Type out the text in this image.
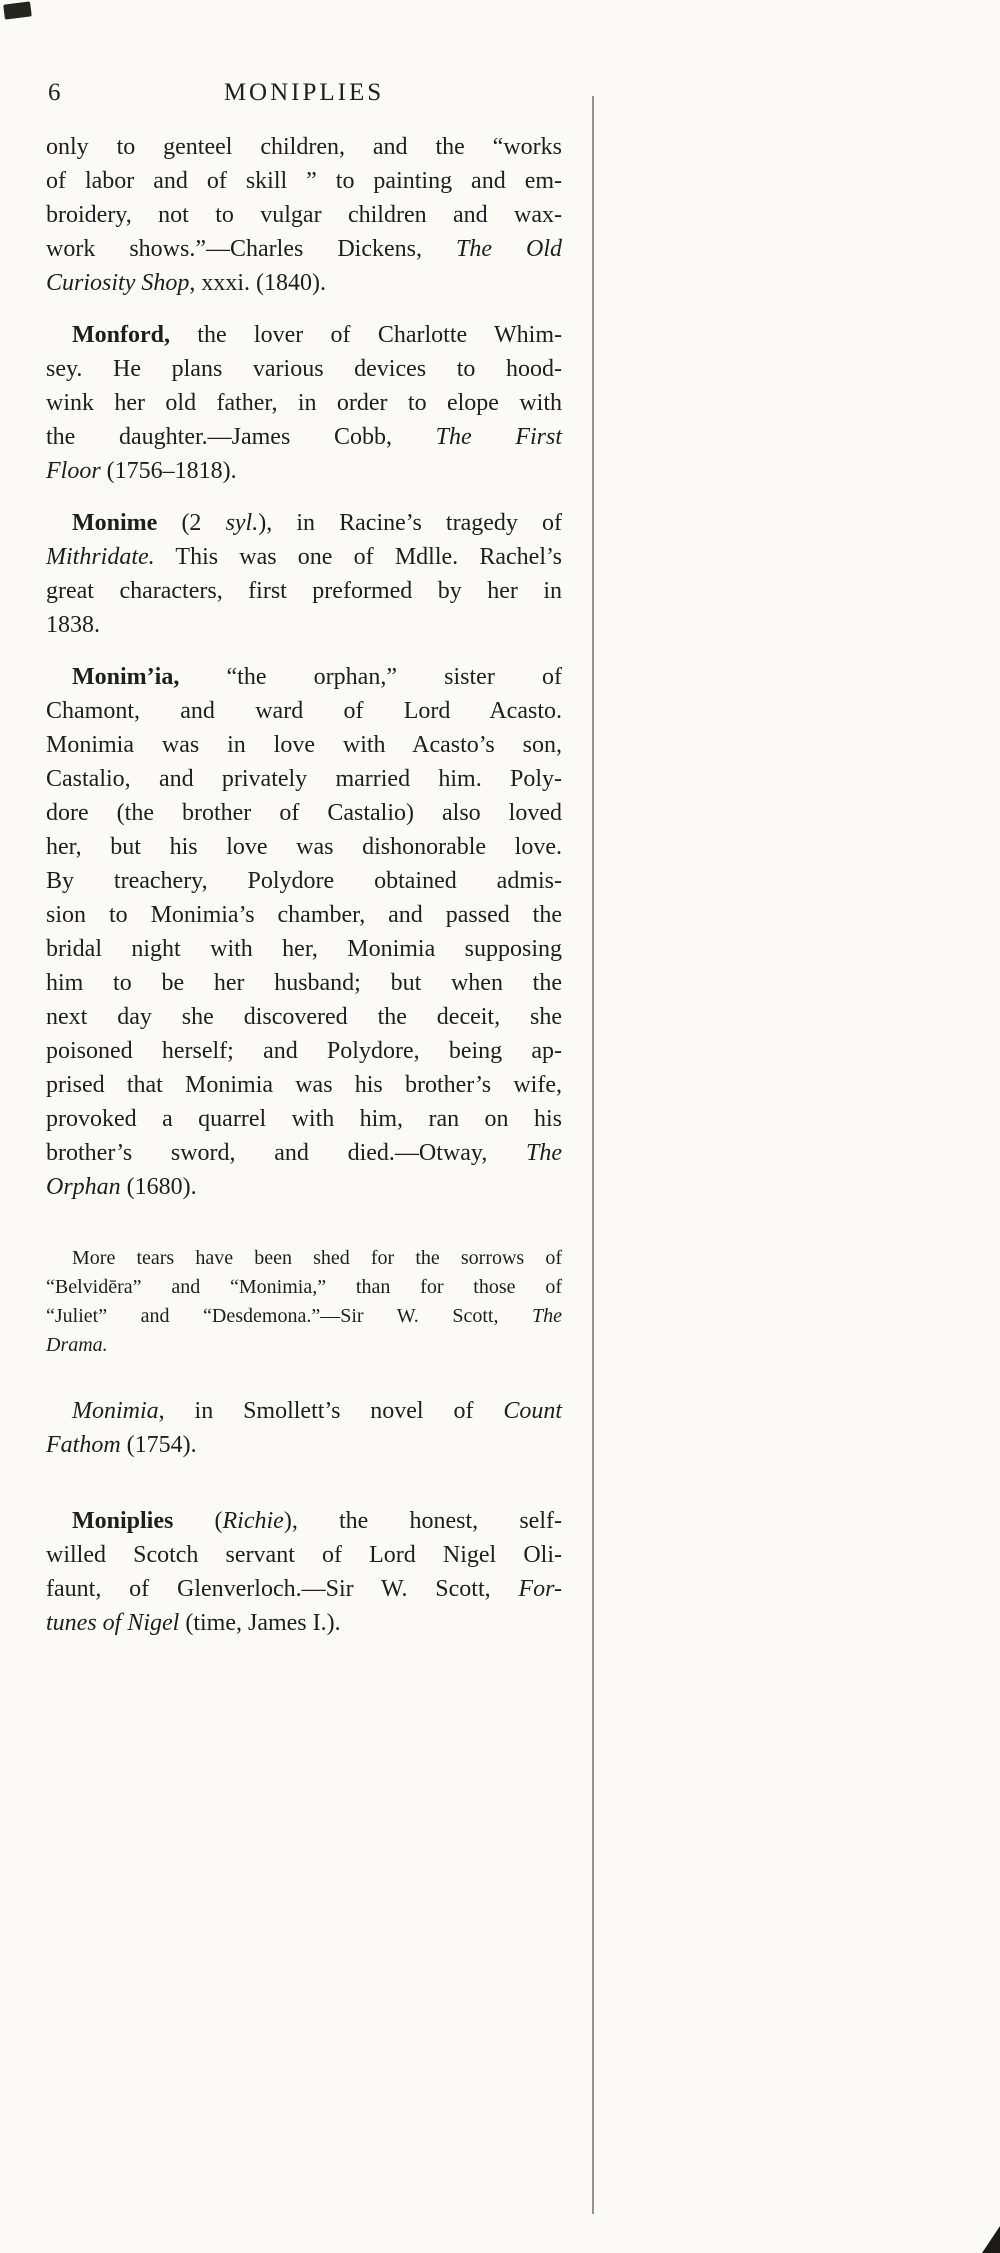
6	MONIPLIES
only to genteel children, and the “works
of labor and of skill ” to painting and em-
broidery, not to vulgar children and wax-
work shows.”—Charles Dickens, The Old
Curiosity Shop, xxxi. (1840).
Monford, the lover of Charlotte Whim-
sey. He plans various devices to hood-
wink her old father, in order to elope with
the daughter.—James Cobb, The First
Floor (1756–1818).
Monime (2 syl.), in Racine’s tragedy of
Mithridate. This was one of Mdlle. Rachel’s
great characters, first preformed by her in
1838.
Monim’ia, “the orphan,” sister of
Chamont, and ward of Lord Acasto.
Monimia was in love with Acasto’s son,
Castalio, and privately married him. Poly-
dore (the brother of Castalio) also loved
her, but his love was dishonorable love.
By treachery, Polydore obtained admis-
sion to Monimia’s chamber, and passed the
bridal night with her, Monimia supposing
him to be her husband; but when the
next day she discovered the deceit, she
poisoned herself; and Polydore, being ap-
prised that Monimia was his brother’s wife,
provoked a quarrel with him, ran on his
brother’s sword, and died.—Otway, The
Orphan (1680).
More tears have been shed for the sorrows of
“Belvidēra” and “Monimia,” than for those of
“Juliet” and “Desdemona.”—Sir W. Scott, The
Drama.
Monimia, in Smollett’s novel of Count
Fathom (1754).
Moniplies (Richie), the honest, self-
willed Scotch servant of Lord Nigel Oli-
faunt, of Glenverloch.—Sir W. Scott, For-
tunes of Nigel (time, James I.).
